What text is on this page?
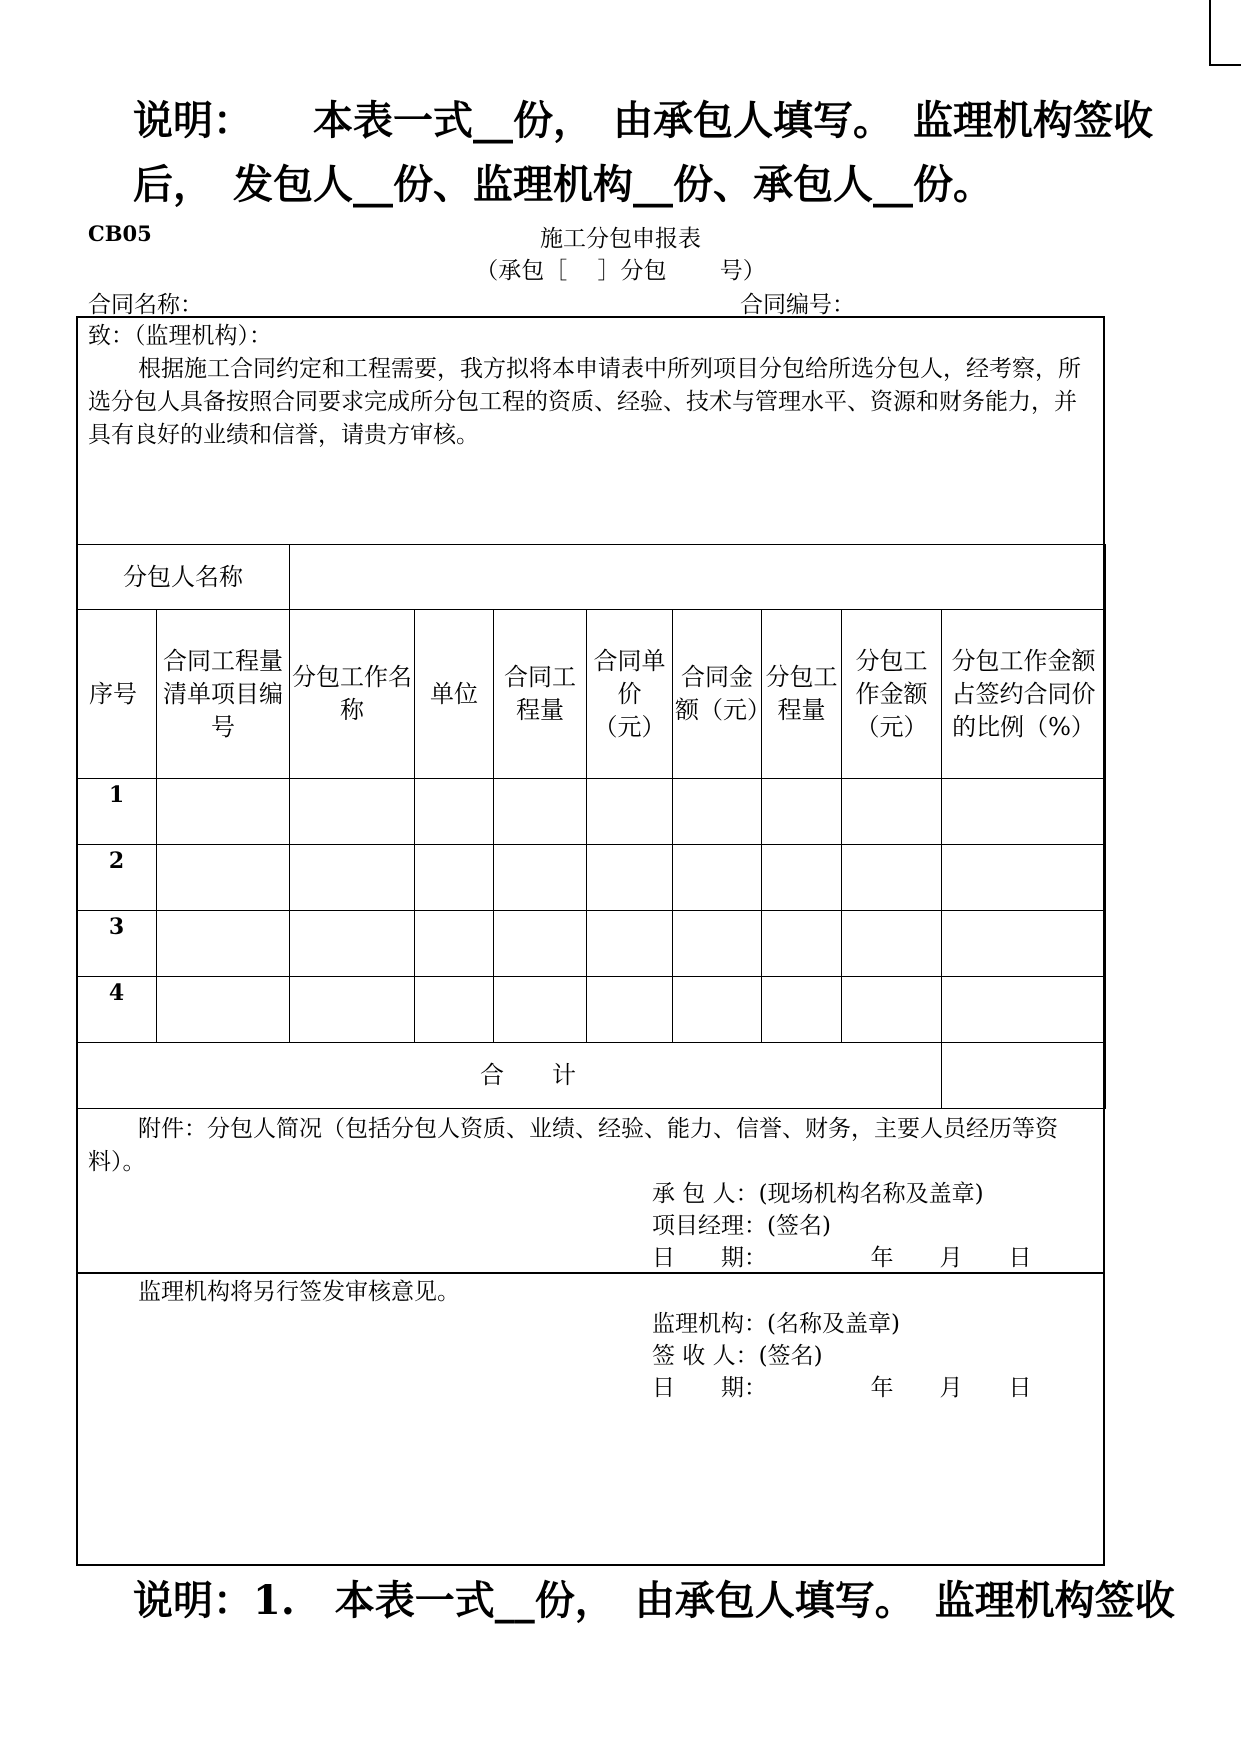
说明：　　本表一式__份，　由承包人填写。　监理机构签收
后，　发包人__份、监理机构__份、承包人__份。
CB05	施工分包申报表
（承包［　 ］分包　　 号）
合同名称：	合同编号：

致：（监理机构）：

根据施工合同约定和工程需要，我方拟将本申请表中所列项目分包给所选分包人，经考察，所选分包人具备按照合同要求完成所分包工程的资质、经验、技术与管理水平、资源和财务能力，并具有良好的业绩和信誉，请贵方审核。

分包人名称									
序号	合同工程量清单项目编号	分包工作名称	单位	合同工程量	合同单价（元）	合同金额（元）	分包工程量	分包工作金额（元）	分包工作金额占签约合同价的比例（%）
1									
2									
3									
4									
合　　计									
附件：分包人简况（包括分包人资质、业绩、经验、能力、信誉、财务，主要人员经历等资料）。
承 包 人：(现场机构名称及盖章)
项目经理：(签名)
日　　期：　　　　　年　　月　　日
监理机构将另行签发审核意见。
监理机构：(名称及盖章)
签 收 人：(签名)
日　　期：　　　　　年　　月　　日
说明：1.　本表一式__份，　由承包人填写。　监理机构签收
